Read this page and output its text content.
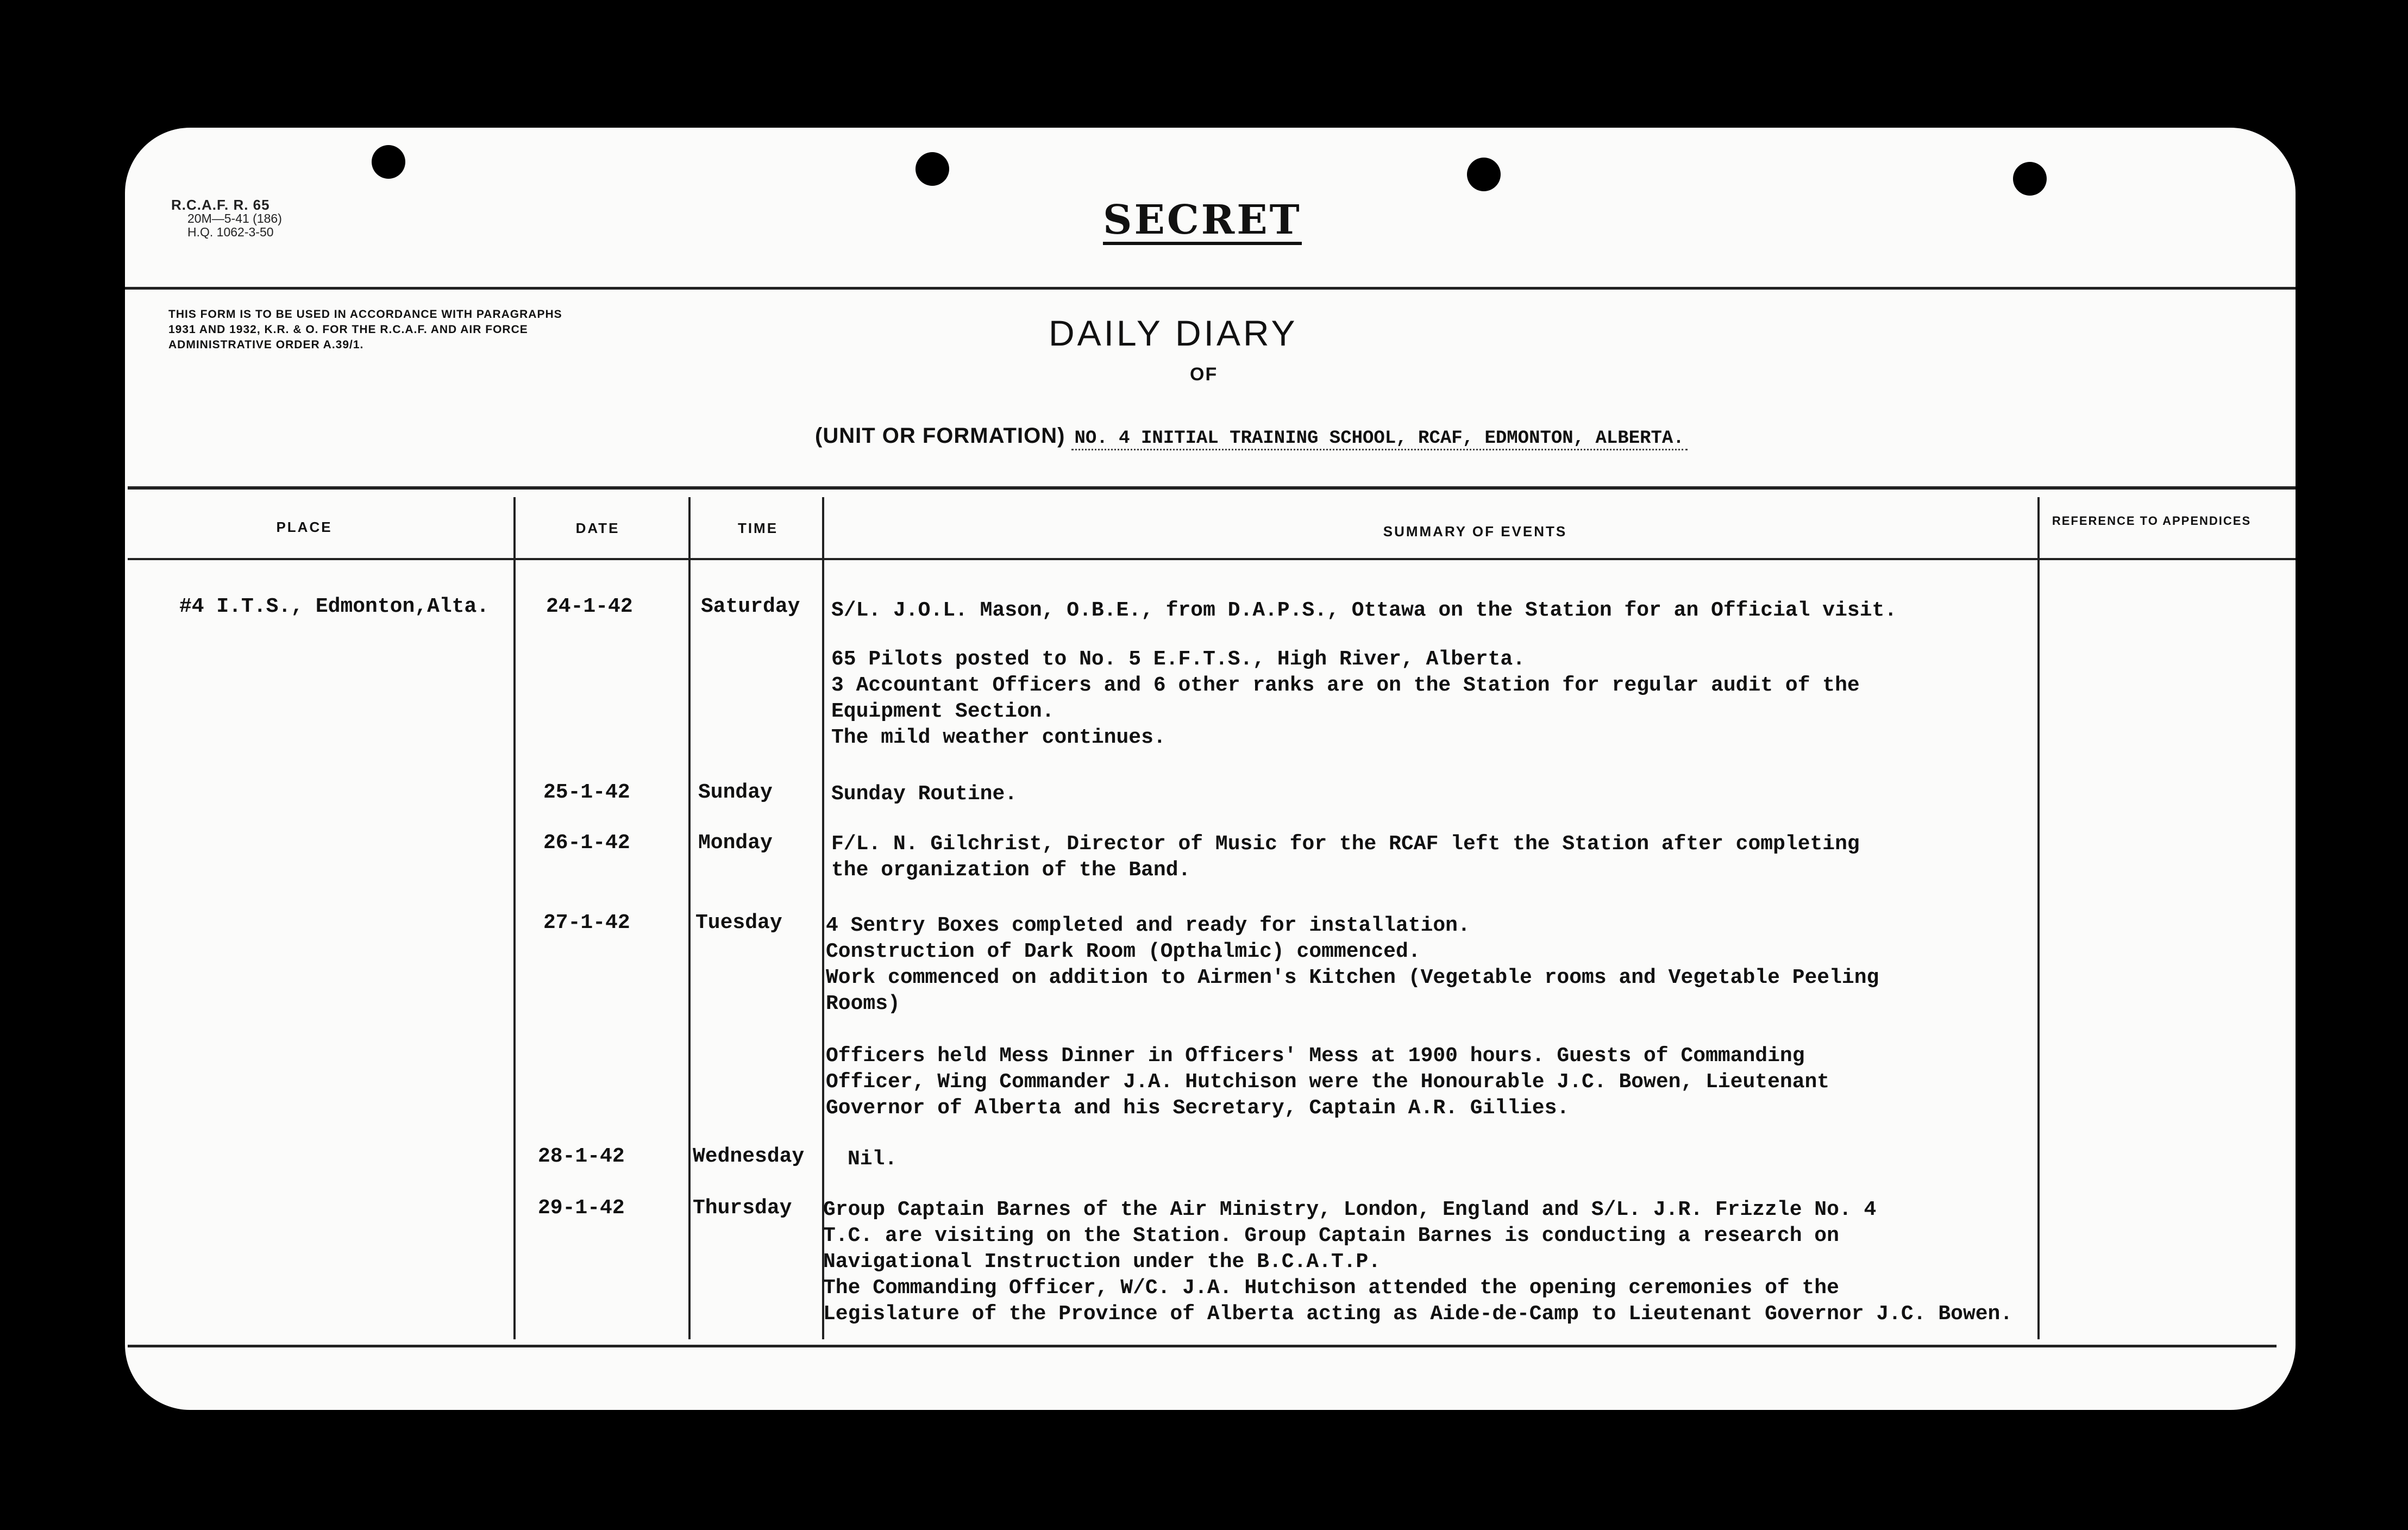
R.C.A.F. R. 65
20M—5-41 (186)
H.Q. 1062-3-50	SECRET
THIS FORM IS TO BE USED IN ACCORDANCE WITH PARAGRAPHS 1931 AND 1932, K.R. & O. FOR THE R.C.A.F. AND AIR FORCE ADMINISTRATIVE ORDER A.39/1.	DAILY DIARY
OF
(UNIT OR FORMATION) NO. 4 INITIAL TRAINING SCHOOL, RCAF, EDMONTON, ALBERTA.
PLACE	DATE	TIME	SUMMARY OF EVENTS
REFERENCE TO APPENDICES
#4 I.T.S., Edmonton,Alta.	24-1-42	Saturday S/L. J.O.L. Mason, O.B.E., from D.A.P.S., Ottawa on the Station for an Official visit.
65 Pilots posted to No. 5 E.F.T.S., High River, Alberta.
3 Accountant Officers and 6 other ranks are on the Station for regular audit of the
Equipment Section.
The mild weather continues.
25-1-42	Sunday	Sunday Routine.
26-1-42	Monday	F/L. N. Gilchrist, Director of Music for the RCAF left the Station after completing
the organization of the Band.
27-1-42	Tuesday 4 Sentry Boxes completed and ready for installation.
Construction of Dark Room (Opthalmic) commenced.
Work commenced on addition to Airmen's Kitchen (Vegetable rooms and Vegetable Peeling
Rooms)
Officers held Mess Dinner in Officers' Mess at 1900 hours. Guests of Commanding
Officer, Wing Commander J.A. Hutchison were the Honourable J.C. Bowen, Lieutenant
Governor of Alberta and his Secretary, Captain A.R. Gillies.
28-1-42	Wednesday Nil.
29-1-42	Thursday Group Captain Barnes of the Air Ministry, London, England and S/L. J.R. Frizzle No. 4
T.C. are visiting on the Station. Group Captain Barnes is conducting a research on
Navigational Instruction under the B.C.A.T.P.
The Commanding Officer, W/C. J.A. Hutchison attended the opening ceremonies of the
Legislature of the Province of Alberta acting as Aide-de-Camp to Lieutenant Governor J.C. Bowen.
